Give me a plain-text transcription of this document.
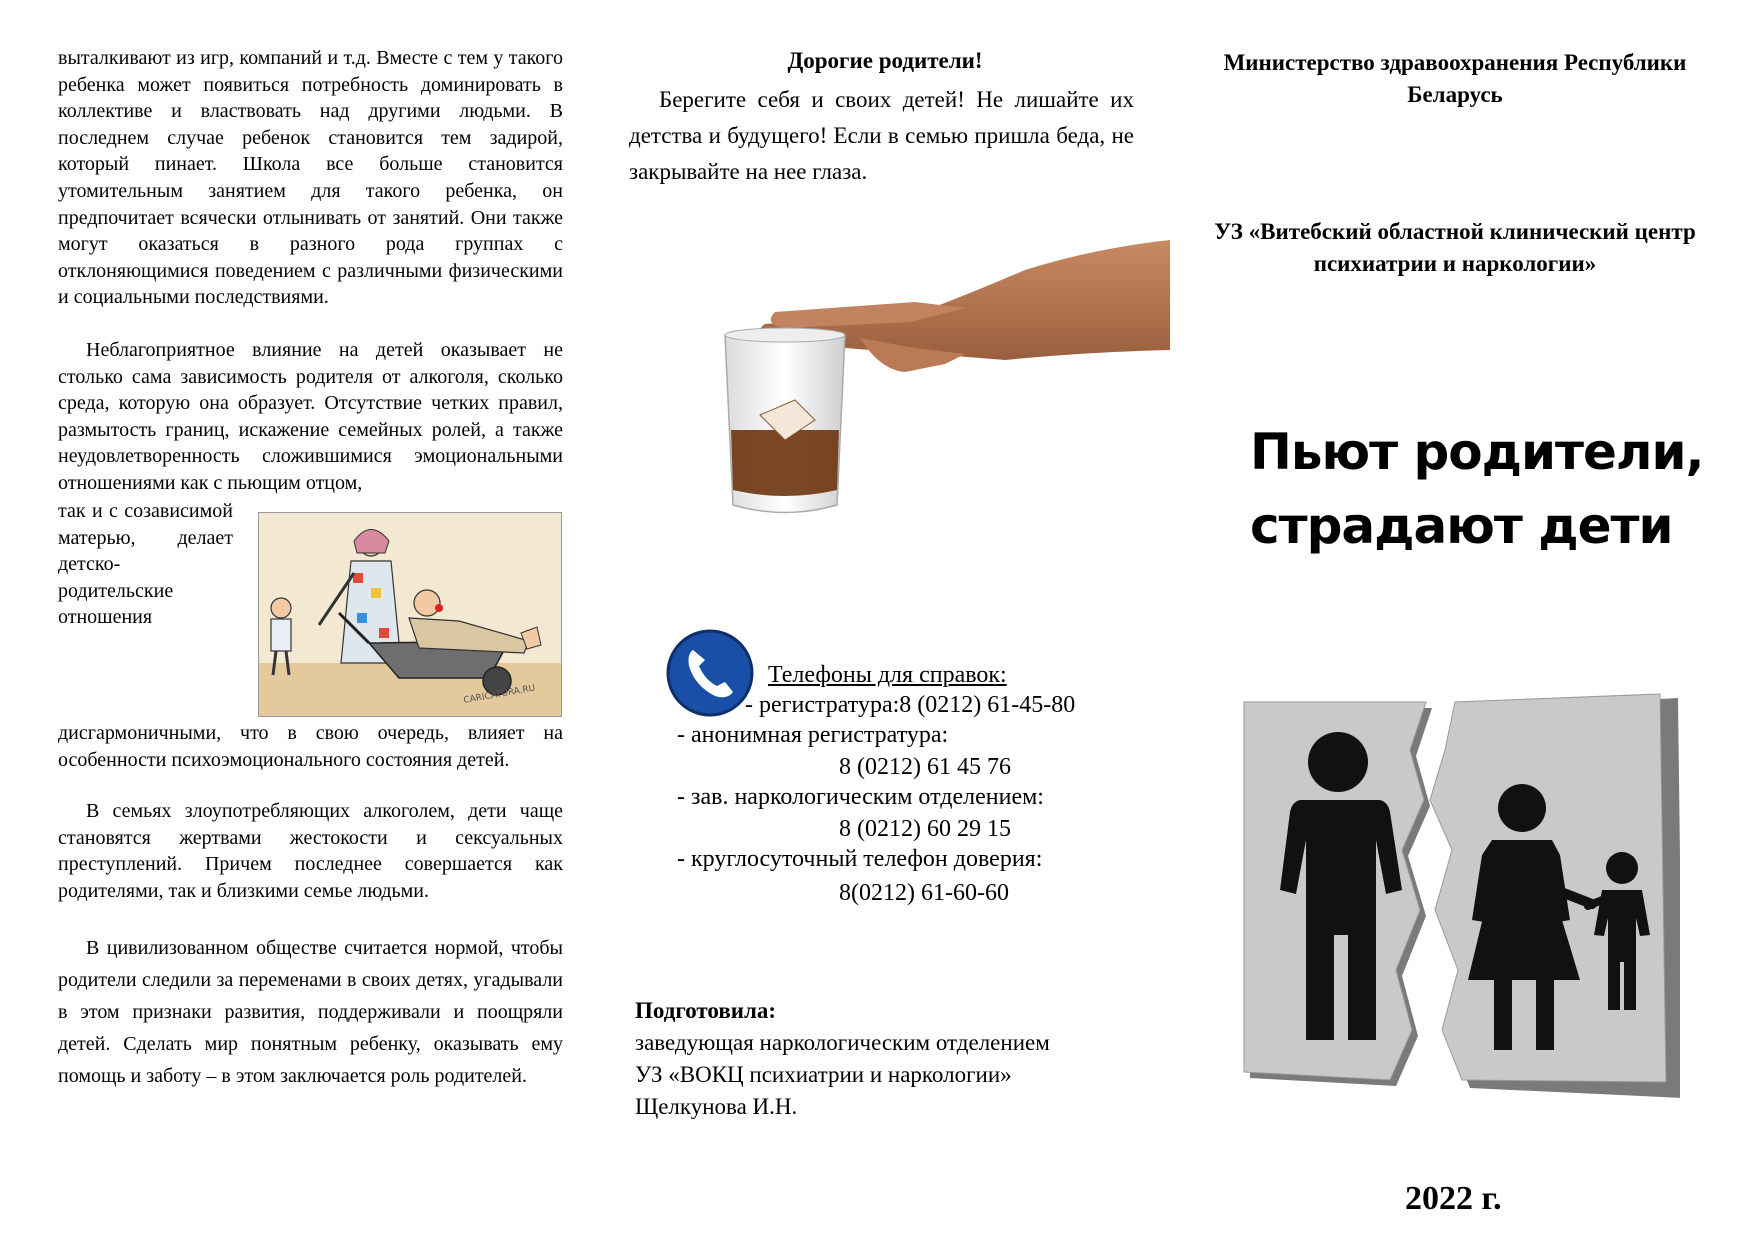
выталкивают из игр, компаний и т.д. Вместе с тем у такого ребенка может появиться потребность доминировать в коллективе и властвовать над другими людьми. В последнем случае ребенок становится тем задирой, который пинает. Школа все больше становится утомительным занятием для такого ребенка, он предпочитает всячески отлынивать от занятий. Они также могут оказаться в разного рода группах с отклоняющимися поведением с различными физическими и социальными последствиями.

Неблагоприятное влияние на детей оказывает не столько сама зависимость родителя от алкоголя, сколько среда, которую она образует. Отсутствие четких правил, размытость границ, искажение семейных ролей, а также неудовлетворенность сложившимися эмоциональными отношениями как с пьющим отцом,

так и с созависимой матерью, делает детско-родительские отношения

CARICATURA.RU

дисгармоничными, что в свою очередь, влияет на особенности психоэмоционального состояния детей.

В семьях злоупотребляющих алкоголем, дети чаще становятся жертвами жестокости и сексуальных преступлений. Причем последнее совершается как родителями, так и близкими семье людьми.

В цивилизованном обществе считается нормой, чтобы родители следили за переменами в своих детях, угадывали в этом признаки развития, поддерживали и поощряли детей. Сделать мир понятным ребенку, оказывать ему помощь и заботу – в этом заключается роль родителей.

Дорогие родители!

Берегите себя и своих детей! Не лишайте их детства и будущего! Если в семью пришла беда, не закрывайте на нее глаза.

Телефоны для справок:
- регистратура:8 (0212) 61-45-80
- анонимная регистратура:
8 (0212) 61 45 76
- зав. наркологическим отделением:
8 (0212) 60 29 15
- круглосуточный телефон доверия:
8(0212) 61-60-60
Подготовила:
заведующая наркологическим отделением
УЗ «ВОКЦ психиатрии и наркологии»
Щелкунова И.Н.
Министерство здравоохранения Республики Беларусь
УЗ «Витебский областной клинический центр психиатрии и наркологии»
Пьют родители,
страдают дети
2022 г.
